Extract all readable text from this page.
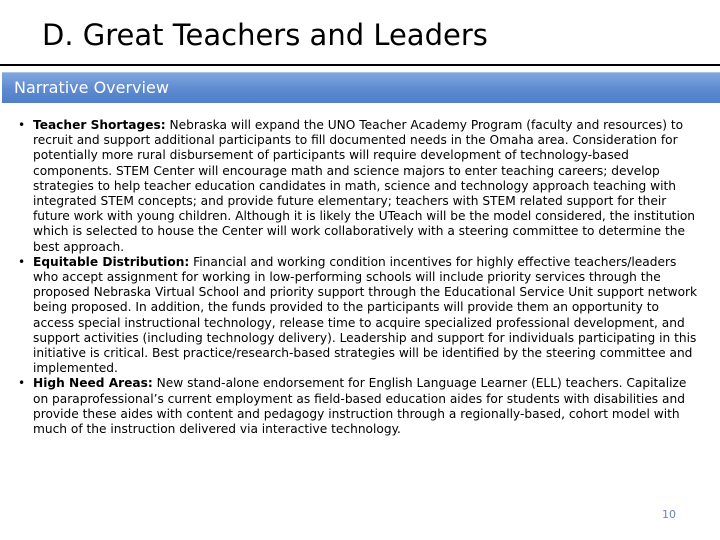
D. Great Teachers and Leaders
Narrative Overview

• Teacher Shortages: Nebraska will expand the UNO Teacher Academy Program (faculty and resources) to recruit and support additional participants to fill documented needs in the Omaha area. Consideration for potentially more rural disbursement of participants will require development of technology-based components. STEM Center will encourage math and science majors to enter teaching careers; develop strategies to help teacher education candidates in math, science and technology approach teaching with integrated STEM concepts; and provide future elementary; teachers with STEM related support for their future work with young children. Although it is likely the UTeach will be the model considered, the institution which is selected to house the Center will work collaboratively with a steering committee to determine the best approach.

• Equitable Distribution: Financial and working condition incentives for highly effective teachers/leaders who accept assignment for working in low-performing schools will include priority services through the proposed Nebraska Virtual School and priority support through the Educational Service Unit support network being proposed. In addition, the funds provided to the participants will provide them an opportunity to access special instructional technology, release time to acquire specialized professional development, and support activities (including technology delivery). Leadership and support for individuals participating in this initiative is critical. Best practice/research-based strategies will be identified by the steering committee and implemented.

• High Need Areas: New stand-alone endorsement for English Language Learner (ELL) teachers. Capitalize on paraprofessional’s current employment as field-based education aides for students with disabilities and provide these aides with content and pedagogy instruction through a regionally-based, cohort model with much of the instruction delivered via interactive technology.

10
